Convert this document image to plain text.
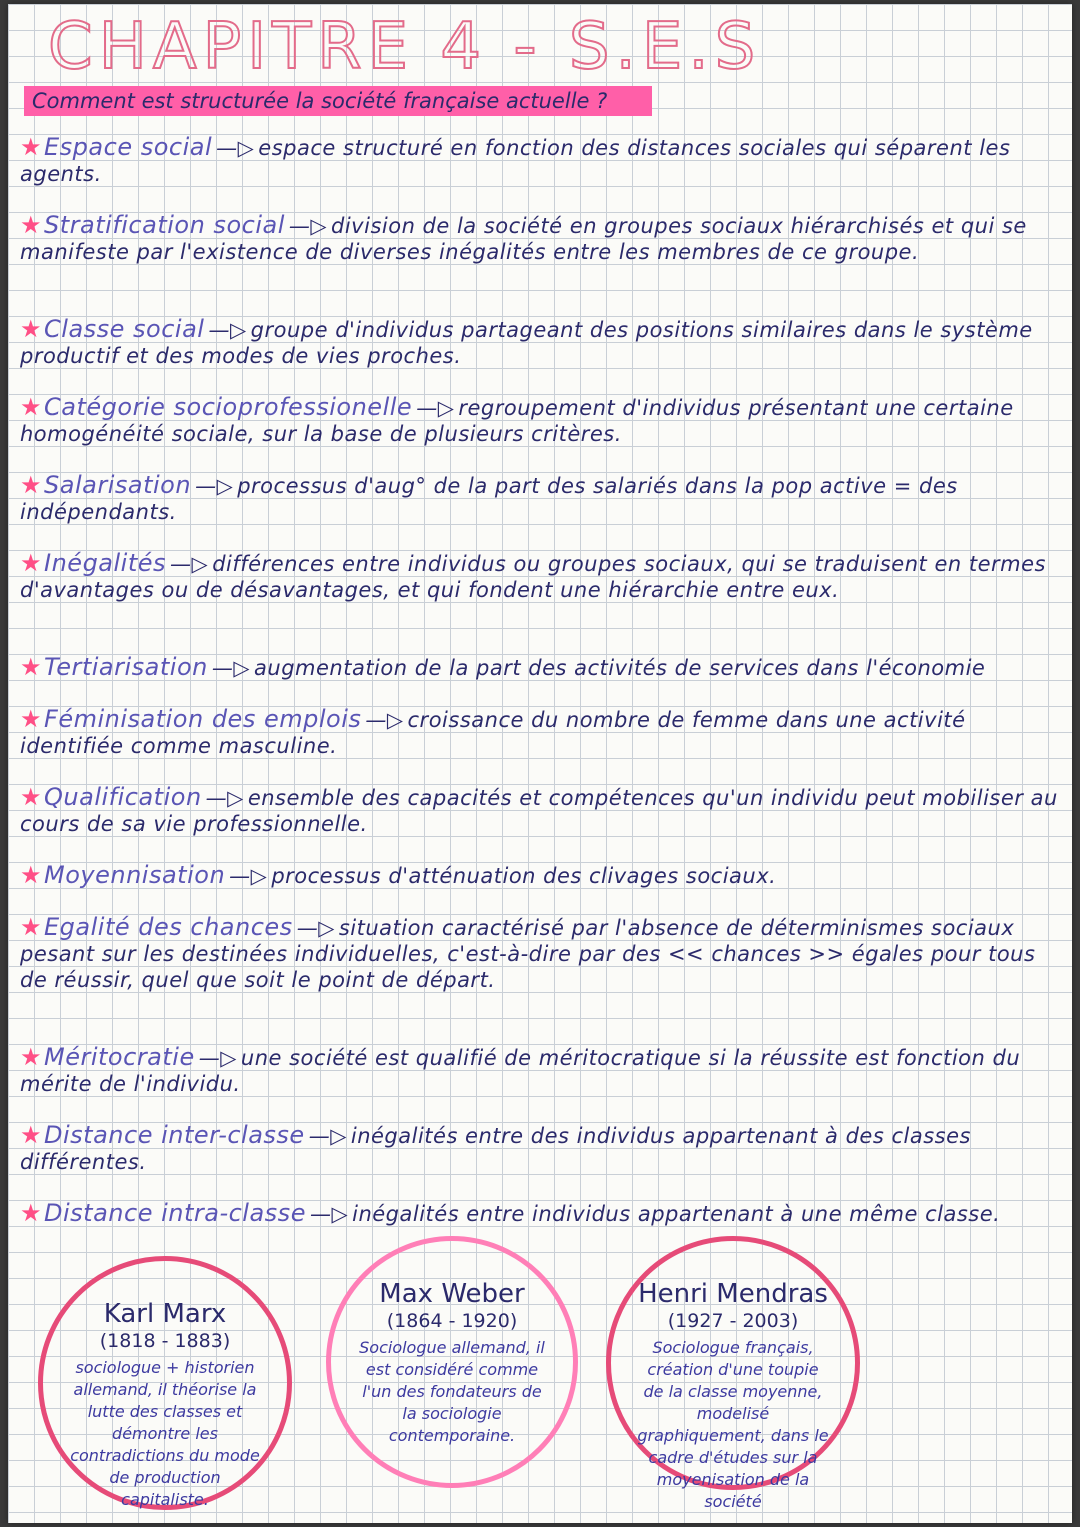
CHAPITRE 4 - S.E.S
Comment est structurée la société française actuelle ?
★Espace social —▷ espace structuré en fonction des distances sociales qui séparent les agents.
★Stratification social —▷ division de la société en groupes sociaux hiérarchisés et qui se manifeste par l'existence de diverses inégalités entre les membres de ce groupe.
★Classe social —▷ groupe d'individus partageant des positions similaires dans le système productif et des modes de vies proches.
★Catégorie socioprofessionelle —▷ regroupement d'individus présentant une certaine homogénéité sociale, sur la base de plusieurs critères.
★Salarisation —▷ processus d'aug° de la part des salariés dans la pop active = des indépendants.
★Inégalités —▷ différences entre individus ou groupes sociaux, qui se traduisent en termes d'avantages ou de désavantages, et qui fondent une hiérarchie entre eux.
★Tertiarisation —▷ augmentation de la part des activités de services dans l'économie
★Féminisation des emplois —▷ croissance du nombre de femme dans une activité identifiée comme masculine.
★Qualification —▷ ensemble des capacités et compétences qu'un individu peut mobiliser au cours de sa vie professionnelle.
★Moyennisation —▷ processus d'atténuation des clivages sociaux.
★Egalité des chances —▷ situation caractérisé par l'absence de déterminismes sociaux pesant sur les destinées individuelles, c'est-à-dire par des << chances >> égales pour tous de réussir, quel que soit le point de départ.
★Méritocratie —▷ une société est qualifié de méritocratique si la réussite est fonction du mérite de l'individu.
★Distance inter-classe —▷ inégalités entre des individus appartenant à des classes différentes.
★Distance intra-classe —▷ inégalités entre individus appartenant à une même classe.
Karl Marx
(1818 - 1883)
sociologue + historien allemand, il théorise la lutte des classes et démontre les contradictions du mode de production capitaliste.
Max Weber
(1864 - 1920)
Sociologue allemand, il est considéré comme l'un des fondateurs de la sociologie contemporaine.
Henri Mendras
(1927 - 2003)
Sociologue français, création d'une toupie de la classe moyenne, modelisé graphiquement, dans le cadre d'études sur la moyenisation de la société
